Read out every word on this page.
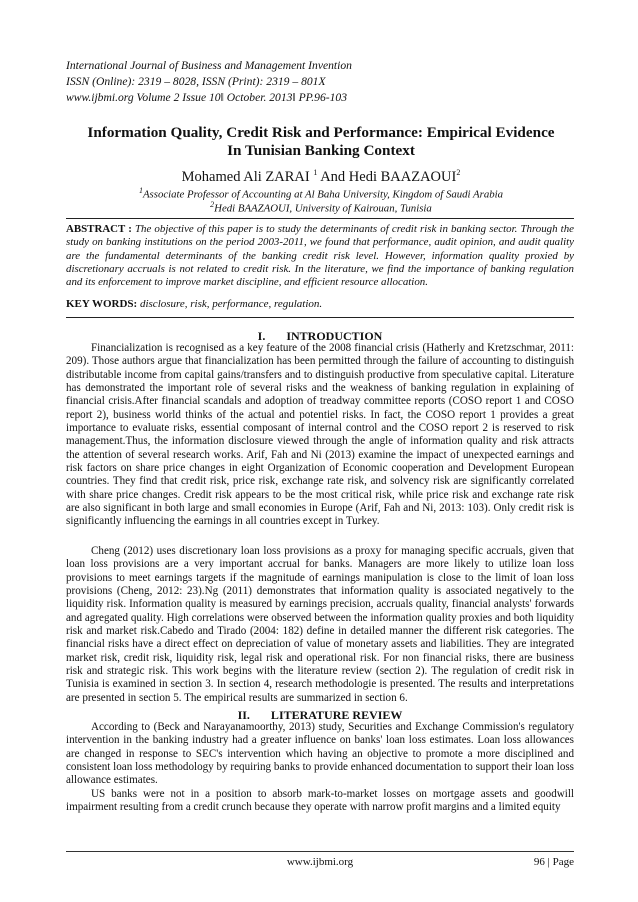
International Journal of Business and Management Invention
ISSN (Online): 2319 – 8028, ISSN (Print): 2319 – 801X
www.ijbmi.org Volume 2 Issue 10ǁ October. 2013ǁ PP.96-103
Information Quality, Credit Risk and Performance: Empirical Evidence
In Tunisian Banking Context
Mohamed Ali ZARAI $^1$ And Hedi BAAZAOUI$^2$
$^1$Associate Professor of Accounting at Al Baha University, Kingdom of Saudi Arabia
$^2$Hedi BAAZAOUI, University of Kairouan, Tunisia
ABSTRACT : The objective of this paper is to study the determinants of credit risk in banking sector. Through the study on banking institutions on the period 2003-2011, we found that performance, audit opinion, and audit quality are the fundamental determinants of the banking credit risk level. However, information quality proxied by discretionary accruals is not related to credit risk. In the literature, we find the importance of banking regulation and its enforcement to improve market discipline, and efficient resource allocation.
KEY WORDS: disclosure, risk, performance, regulation.
I.       INTRODUCTION
Financialization is recognised as a key feature of the 2008 financial crisis (Hatherly and Kretzschmar, 2011: 209). Those authors argue that financialization has been permitted through the failure of accounting to distinguish distributable income from capital gains/transfers and to distinguish productive from speculative capital. Literature has demonstrated the important role of several risks and the weakness of banking regulation in explaining of financial crisis.After financial scandals and adoption of treadway committee reports (COSO report 1 and COSO report 2), business world thinks of the actual and potentiel risks. In fact, the COSO report 1 provides a great importance to evaluate risks, essential composant of internal control and the COSO report 2 is reserved to risk management.Thus, the information disclosure viewed through the angle of information quality and risk attracts the attention of several research works. Arif, Fah and Ni (2013) examine the impact of unexpected earnings and risk factors on share price changes in eight Organization of Economic cooperation and Development European countries. They find that credit risk, price risk, exchange rate risk, and solvency risk are significantly correlated with share price changes. Credit risk appears to be the most critical risk, while price risk and exchange rate risk are also significant in both large and small economies in Europe (Arif, Fah and Ni, 2013: 103). Only credit risk is significantly influencing the earnings in all countries except in Turkey.
Cheng (2012) uses discretionary loan loss provisions as a proxy for managing specific accruals, given that loan loss provisions are a very important accrual for banks. Managers are more likely to utilize loan loss provisions to meet earnings targets if the magnitude of earnings manipulation is close to the limit of loan loss provisions (Cheng, 2012: 23).Ng (2011) demonstrates that information quality is associated negatively to the liquidity risk. Information quality is measured by earnings precision, accruals quality, financial analysts' forwards and agregated quality. High correlations were observed between the information quality proxies and both liquidity risk and market risk.Cabedo and Tirado (2004: 182) define in detailed manner the different risk categories. The financial risks have a direct effect on depreciation of value of monetary assets and liabilities. They are integrated market risk, credit risk, liquidity risk, legal risk and operational risk. For non financial risks, there are business risk and strategic risk. This work begins with the literature review (section 2). The regulation of credit risk in Tunisia is examined in section 3. In section 4, research methodologie is presented. The results and interpretations are presented in section 5. The empirical results are summarized in section 6.
II.       LITERATURE REVIEW
According to (Beck and Narayanamoorthy, 2013) study, Securities and Exchange Commission's regulatory intervention in the banking industry had a greater influence on banks' loan loss estimates. Loan loss allowances are changed in response to SEC's intervention which having an objective to promote a more disciplined and consistent loan loss methodology by requiring banks to provide enhanced documentation to support their loan loss allowance estimates.
US banks were not in a position to absorb mark-to-market losses on mortgage assets and goodwill impairment resulting from a credit crunch because they operate with narrow profit margins and a limited equity
www.ijbmi.org	96 | Page
